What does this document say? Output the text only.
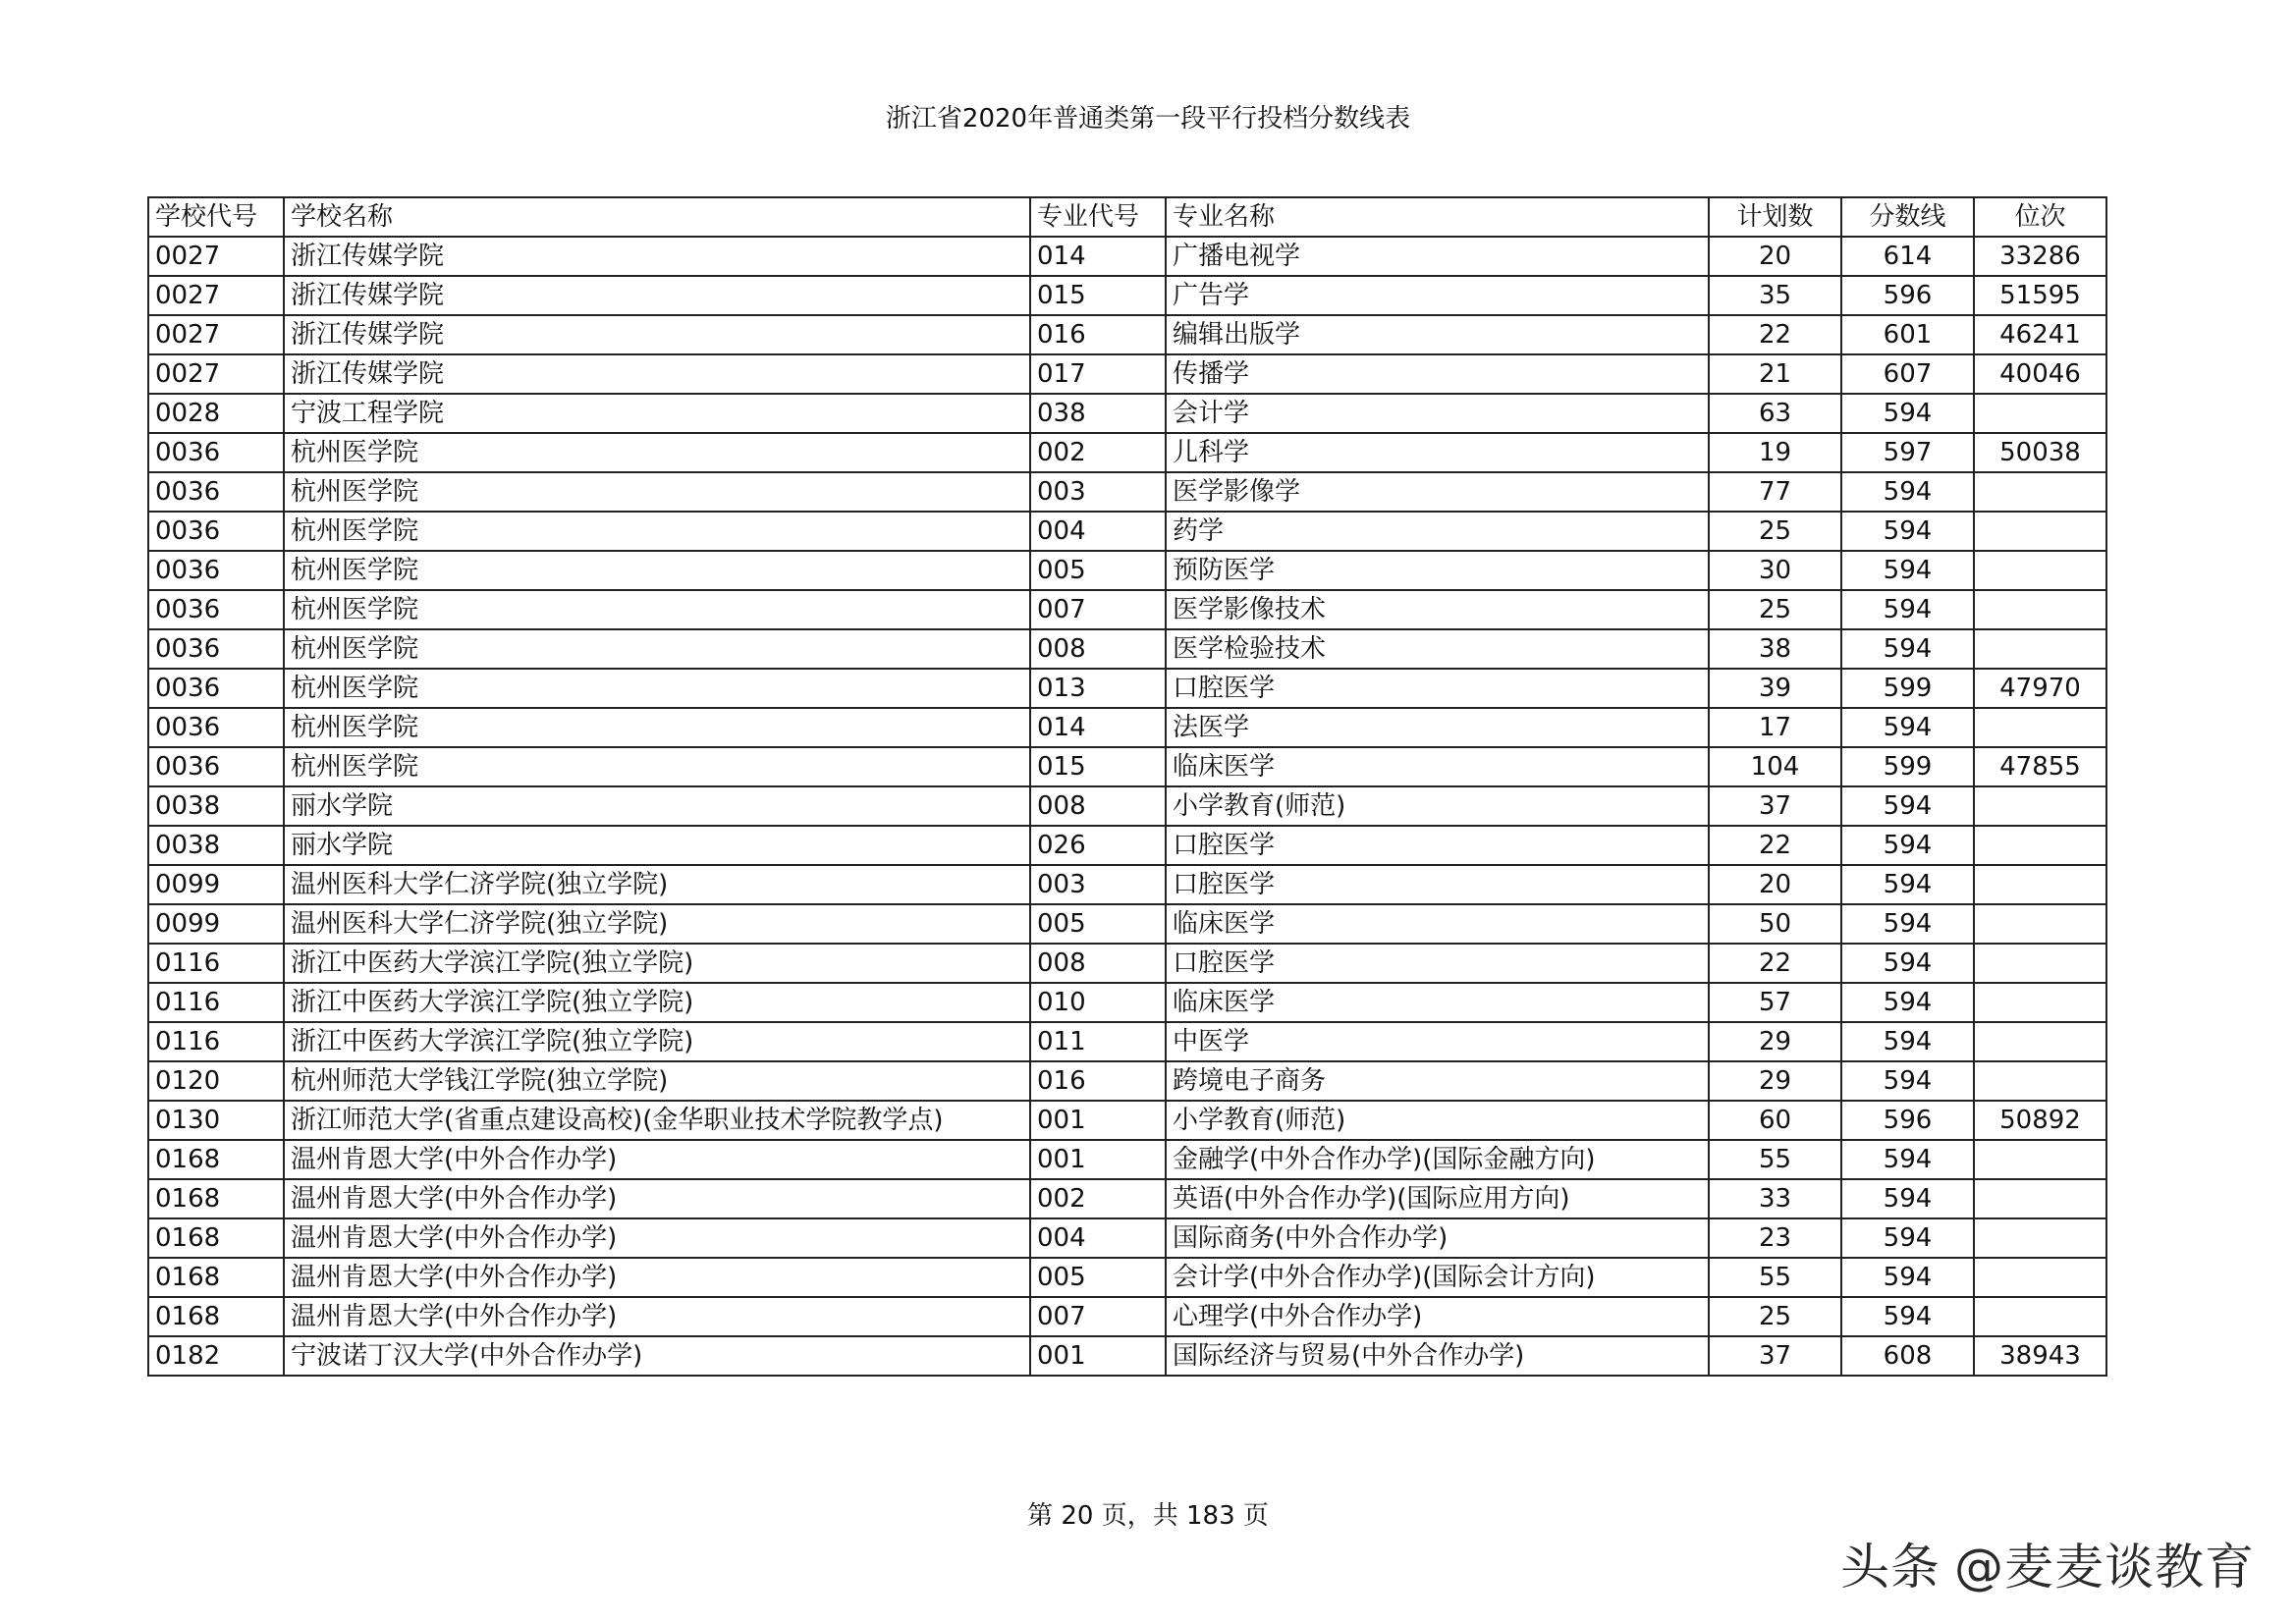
浙江省2020年普通类第一段平行投档分数线表
学校代号	学校名称	专业代号	专业名称	计划数	分数线	位次
0027	浙江传媒学院	014	广播电视学	20	614	33286
0027	浙江传媒学院	015	广告学	35	596	51595
0027	浙江传媒学院	016	编辑出版学	22	601	46241
0027	浙江传媒学院	017	传播学	21	607	40046
0028	宁波工程学院	038	会计学	63	594	
0036	杭州医学院	002	儿科学	19	597	50038
0036	杭州医学院	003	医学影像学	77	594	
0036	杭州医学院	004	药学	25	594	
0036	杭州医学院	005	预防医学	30	594	
0036	杭州医学院	007	医学影像技术	25	594	
0036	杭州医学院	008	医学检验技术	38	594	
0036	杭州医学院	013	口腔医学	39	599	47970
0036	杭州医学院	014	法医学	17	594	
0036	杭州医学院	015	临床医学	104	599	47855
0038	丽水学院	008	小学教育(师范)	37	594	
0038	丽水学院	026	口腔医学	22	594	
0099	温州医科大学仁济学院(独立学院)	003	口腔医学	20	594	
0099	温州医科大学仁济学院(独立学院)	005	临床医学	50	594	
0116	浙江中医药大学滨江学院(独立学院)	008	口腔医学	22	594	
0116	浙江中医药大学滨江学院(独立学院)	010	临床医学	57	594	
0116	浙江中医药大学滨江学院(独立学院)	011	中医学	29	594	
0120	杭州师范大学钱江学院(独立学院)	016	跨境电子商务	29	594	
0130	浙江师范大学(省重点建设高校)(金华职业技术学院教学点)	001	小学教育(师范)	60	596	50892
0168	温州肯恩大学(中外合作办学)	001	金融学(中外合作办学)(国际金融方向)	55	594	
0168	温州肯恩大学(中外合作办学)	002	英语(中外合作办学)(国际应用方向)	33	594	
0168	温州肯恩大学(中外合作办学)	004	国际商务(中外合作办学)	23	594	
0168	温州肯恩大学(中外合作办学)	005	会计学(中外合作办学)(国际会计方向)	55	594	
0168	温州肯恩大学(中外合作办学)	007	心理学(中外合作办学)	25	594	
0182	宁波诺丁汉大学(中外合作办学)	001	国际经济与贸易(中外合作办学)	37	608	38943
第 20 页，共 183 页
头条 @麦麦谈教育
